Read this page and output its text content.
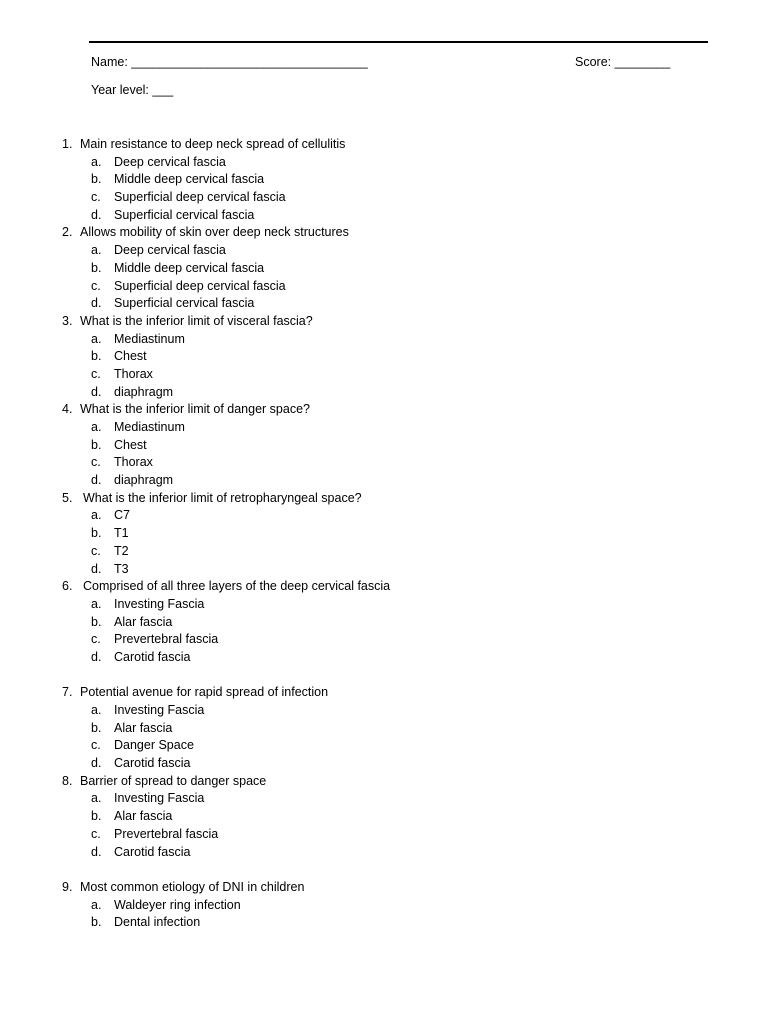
Name: __________________________________	Score: ________
Year level: ___
1. Main resistance to deep neck spread of cellulitis
a. Deep cervical fascia
b. Middle deep cervical fascia
c. Superficial deep cervical fascia
d. Superficial cervical fascia
2. Allows mobility of skin over deep neck structures
a. Deep cervical fascia
b. Middle deep cervical fascia
c. Superficial deep cervical fascia
d. Superficial cervical fascia
3. What is the inferior limit of visceral fascia?
a. Mediastinum
b. Chest
c. Thorax
d. diaphragm
4. What is the inferior limit of danger space?
a. Mediastinum
b. Chest
c. Thorax
d. diaphragm
5. What is the inferior limit of retropharyngeal space?
a. C7
b. T1
c. T2
d. T3
6. Comprised of all three layers of the deep cervical fascia
a. Investing Fascia
b. Alar fascia
c. Prevertebral fascia
d. Carotid fascia
7. Potential avenue for rapid spread of infection
a. Investing Fascia
b. Alar fascia
c. Danger Space
d. Carotid fascia
8. Barrier of spread to danger space
a. Investing Fascia
b. Alar fascia
c. Prevertebral fascia
d. Carotid fascia
9. Most common etiology of DNI in children
a. Waldeyer ring infection
b. Dental infection
